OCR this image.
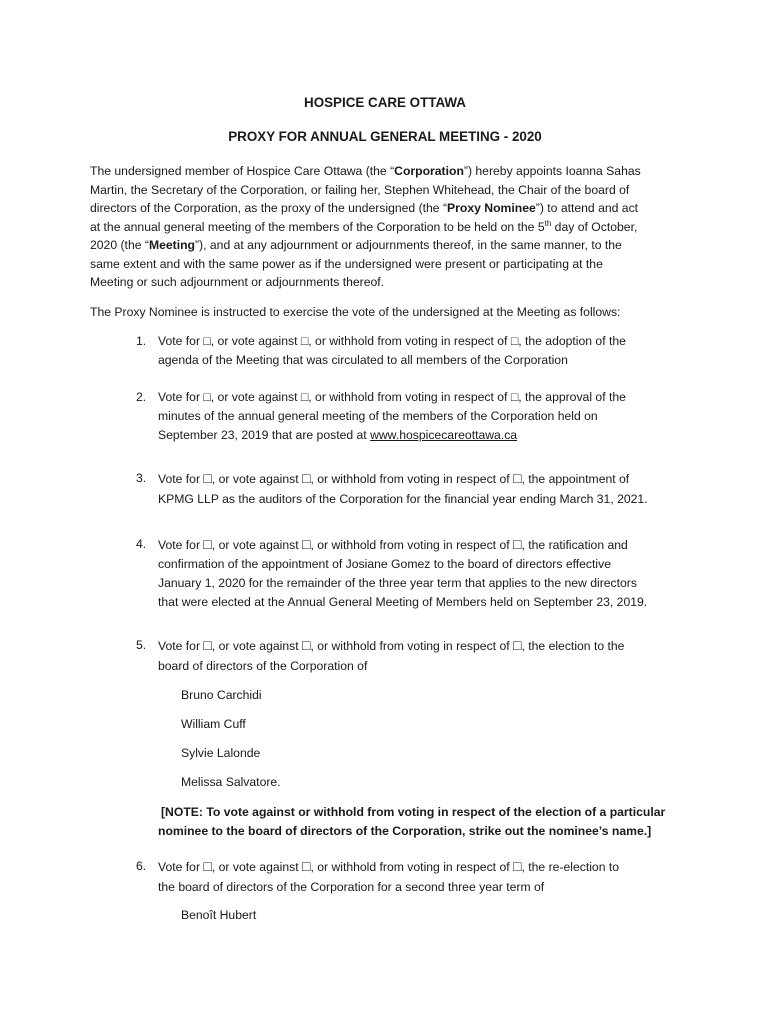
HOSPICE CARE OTTAWA
PROXY FOR ANNUAL GENERAL MEETING - 2020
The undersigned member of Hospice Care Ottawa (the “Corporation”) hereby appoints Ioanna Sahas
Martin, the Secretary of the Corporation, or failing her, Stephen Whitehead, the Chair of the board of
directors of the Corporation, as the proxy of the undersigned (the “Proxy Nominee”) to attend and act
at the annual general meeting of the members of the Corporation to be held on the 5th day of October,
2020 (the “Meeting”), and at any adjournment or adjournments thereof, in the same manner, to the
same extent and with the same power as if the undersigned were present or participating at the
Meeting or such adjournment or adjournments thereof.
The Proxy Nominee is instructed to exercise the vote of the undersigned at the Meeting as follows:
1. Vote for □, or vote against □, or withhold from voting in respect of □, the adoption of the
agenda of the Meeting that was circulated to all members of the Corporation
2. Vote for □, or vote against □, or withhold from voting in respect of □, the approval of the
minutes of the annual general meeting of the members of the Corporation held on
September 23, 2019 that are posted at www.hospicecareottawa.ca
3. Vote for □, or vote against □, or withhold from voting in respect of □, the appointment of
KPMG LLP as the auditors of the Corporation for the financial year ending March 31, 2021.
4. Vote for □, or vote against □, or withhold from voting in respect of □, the ratification and
confirmation of the appointment of Josiane Gomez to the board of directors effective
January 1, 2020 for the remainder of the three year term that applies to the new directors
that were elected at the Annual General Meeting of Members held on September 23, 2019.
5. Vote for □, or vote against □, or withhold from voting in respect of □, the election to the
board of directors of the Corporation of
Bruno Carchidi
William Cuff
Sylvie Lalonde
Melissa Salvatore.
[NOTE: To vote against or withhold from voting in respect of the election of a particular
nominee to the board of directors of the Corporation, strike out the nominee’s name.]
6. Vote for □, or vote against □, or withhold from voting in respect of □, the re-election to
the board of directors of the Corporation for a second three year term of
Benoît Hubert
